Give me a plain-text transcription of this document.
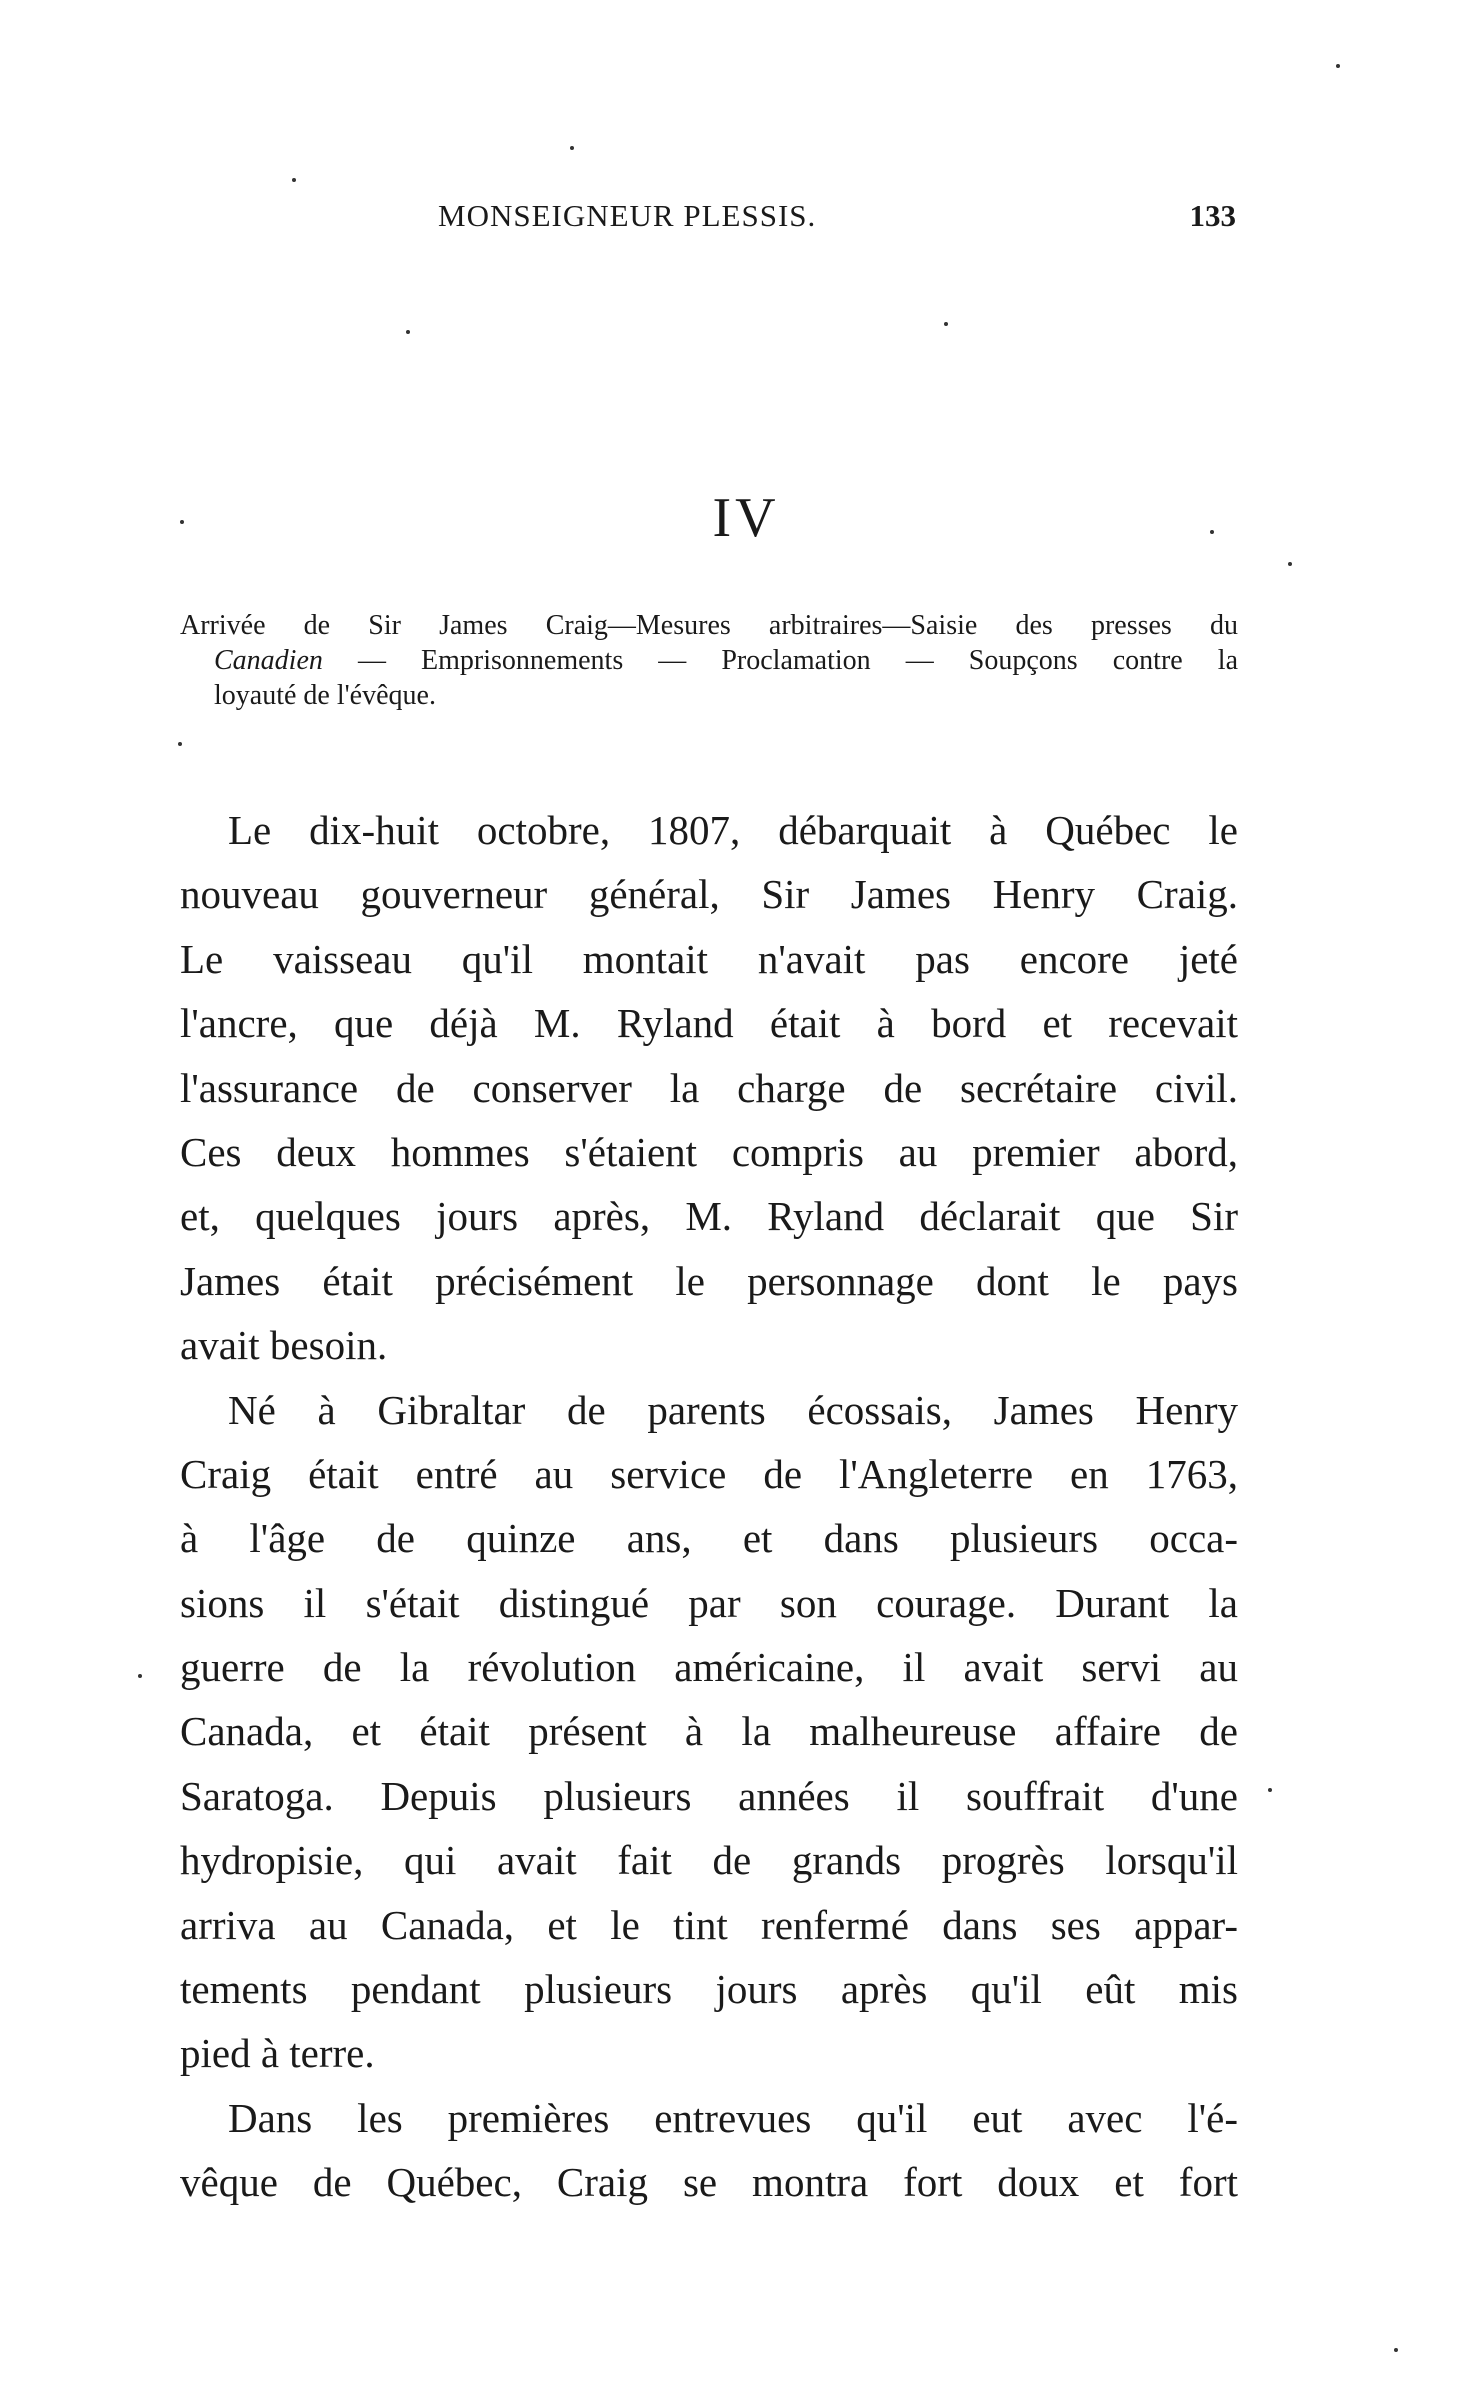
MONSEIGNEUR PLESSIS.	133
IV
Arrivée de Sir James Craig—Mesures arbitraires—Saisie des presses du
Canadien — Emprisonnements — Proclamation — Soupçons contre la
loyauté de l'évêque.
Le dix-huit octobre, 1807, débarquait à Québec le
nouveau gouverneur général, Sir James Henry Craig.
Le vaisseau qu'il montait n'avait pas encore jeté
l'ancre, que déjà M. Ryland était à bord et recevait
l'assurance de conserver la charge de secrétaire civil.
Ces deux hommes s'étaient compris au premier abord,
et, quelques jours après, M. Ryland déclarait que Sir
James était précisément le personnage dont le pays
avait besoin.
Né à Gibraltar de parents écossais, James Henry
Craig était entré au service de l'Angleterre en 1763,
à l'âge de quinze ans, et dans plusieurs occa-
sions il s'était distingué par son courage. Durant la
guerre de la révolution américaine, il avait servi au
Canada, et était présent à la malheureuse affaire de
Saratoga. Depuis plusieurs années il souffrait d'une
hydropisie, qui avait fait de grands progrès lorsqu'il
arriva au Canada, et le tint renfermé dans ses appar-
tements pendant plusieurs jours après qu'il eût mis
pied à terre.
Dans les premières entrevues qu'il eut avec l'é-
vêque de Québec, Craig se montra fort doux et fort
